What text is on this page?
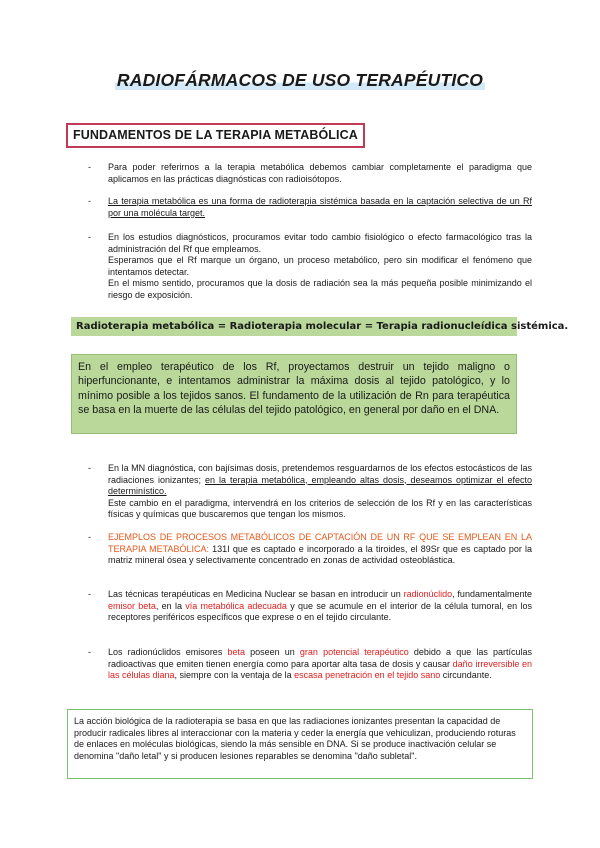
RADIOFÁRMACOS DE USO TERAPÉUTICO
FUNDAMENTOS DE LA TERAPIA METABÓLICA
- Para poder referirnos a la terapia metabólica debemos cambiar completamente el paradigma que aplicamos en las prácticas diagnósticas con radioisótopos.
- La terapia metabólica es una forma de radioterapia sistémica basada en la captación selectiva de un Rf por una molécula target.
- En los estudios diagnósticos, procuramos evitar todo cambio fisiológico o efecto farmacológico tras la administración del Rf que empleamos.
Esperamos que el Rf marque un órgano, un proceso metabólico, pero sin modificar el fenómeno que intentamos detectar.
En el mismo sentido, procuramos que la dosis de radiación sea la más pequeña posible minimizando el riesgo de exposición.
Radioterapia metabólica = Radioterapia molecular = Terapia radionucleídica sistémica.
En el empleo terapéutico de los Rf, proyectamos destruir un tejido maligno o hiperfuncionante, e intentamos administrar la máxima dosis al tejido patológico, y lo mínimo posible a los tejidos sanos. El fundamento de la utilización de Rn para terapéutica se basa en la muerte de las células del tejido patológico, en general por daño en el DNA.
- En la MN diagnóstica, con bajísimas dosis, pretendemos resguardarnos de los efectos estocásticos de las radiaciones ionizantes; en la terapia metabólica, empleando altas dosis, deseamos optimizar el efecto determinístico.
Este cambio en el paradigma, intervendrá en los criterios de selección de los Rf y en las características físicas y químicas que buscaremos que tengan los mismos.
- EJEMPLOS DE PROCESOS METABÓLICOS DE CAPTACIÓN DE UN RF QUE SE EMPLEAN EN LA TERAPIA METABÓLICA: 131I que es captado e incorporado a la tiroides, el 89Sr que es captado por la matriz mineral ósea y selectivamente concentrado en zonas de actividad osteoblástica.
- Las técnicas terapéuticas en Medicina Nuclear se basan en introducir un radionúclido, fundamentalmente emisor beta, en la vía metabólica adecuada y que se acumule en el interior de la célula tumoral, en los receptores periféricos específicos que exprese o en el tejido circulante.
- Los radionúclidos emisores beta poseen un gran potencial terapéutico debido a que las partículas radioactivas que emiten tienen energía como para aportar alta tasa de dosis y causar daño irreversible en las células diana, siempre con la ventaja de la escasa penetración en el tejido sano circundante.
La acción biológica de la radioterapia se basa en que las radiaciones ionizantes presentan la capacidad de producir radicales libres al interaccionar con la materia y ceder la energía que vehiculizan, produciendo roturas de enlaces en moléculas biológicas, siendo la más sensible en DNA. Si se produce inactivación celular se denomina "daño letal" y si producen lesiones reparables se denomina "daño subletal".
